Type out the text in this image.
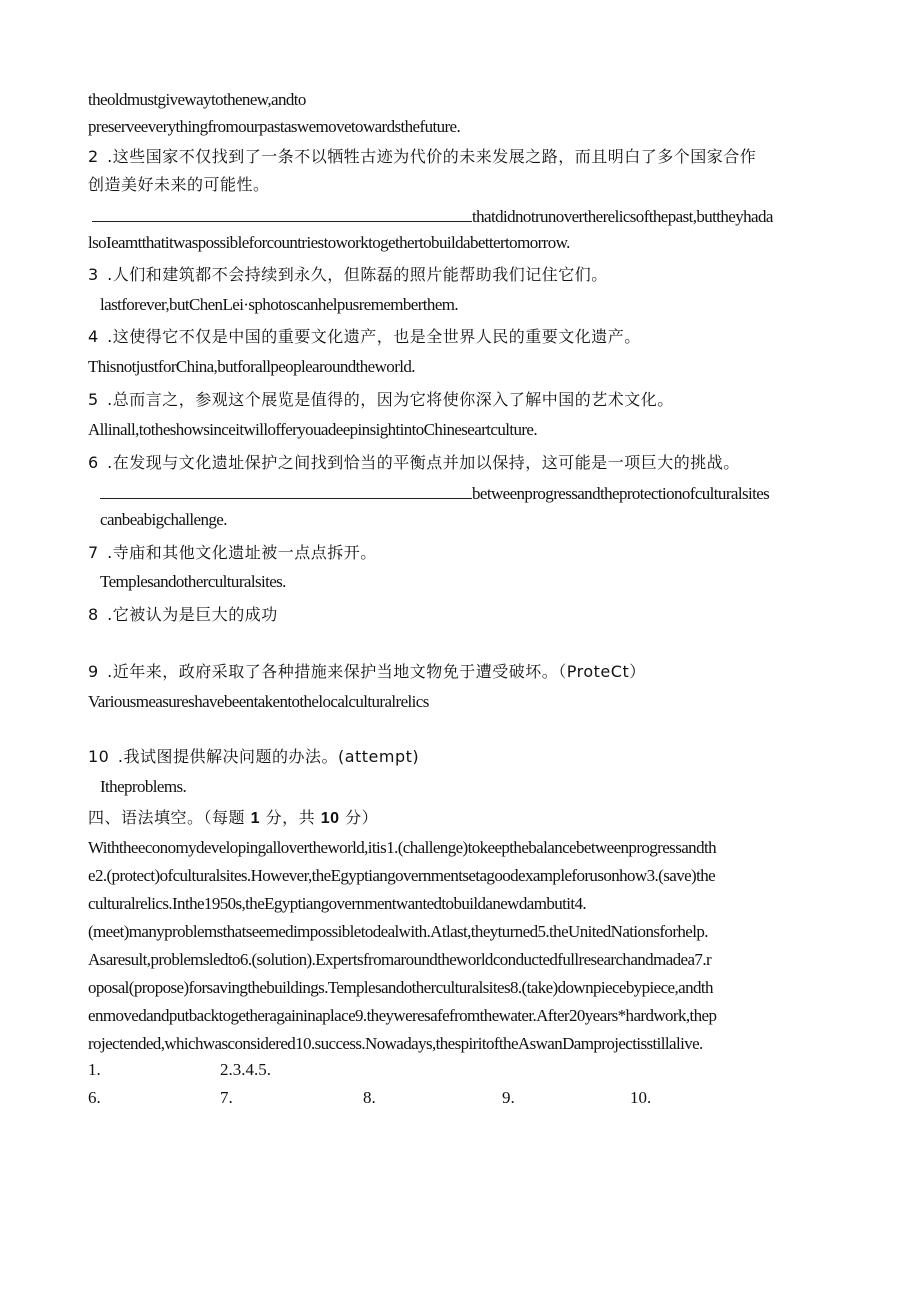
theoldmustgivewaytothenew,andto
preserveeverythingfromourpastaswemovetowardsthefuture.
2 .这些国家不仅找到了一条不以牺牲古迹为代价的未来发展之路，而且明白了多个国家合作
创造美好未来的可能性。
thatdidnotrunovertherelicsofthepast,buttheyhada
lsoIeamtthatitwaspossibleforcountriestoworktogethertobuildabettertomorrow.
3 .人们和建筑都不会持续到永久，但陈磊的照片能帮助我们记住它们。
lastforever,butChenLei·sphotoscanhelpusrememberthem.
4 .这使得它不仅是中国的重要文化遗产，也是全世界人民的重要文化遗产。
Thisnotjustfor​China,butforallpeoplearoundtheworld.
5 .总而言之，参观这个展览是值得的，因为它将使你深入了解中国的艺术文化。
Allinall,totheshowsinceitwillofferyouadeepinsightintoChineseartculture.
6 .在发现与文化遗址保护之间找到恰当的平衡点并加以保持，这可能是一项巨大的挑战。
betweenprogressandtheprotectionofculturalsites
canbeabigchallenge.
7 .寺庙和其他文化遗址被一点点拆开。
Templesandotherculturalsites.
8 .它被认为是巨大的成功
9 .近年来，政府采取了各种措施来保护当地文物免于遭受破坏。（ProteCt）
Variousmeasureshavebeentakentothelocalculturalrelics
10 .我试图提供解决问题的办法。(attempt)
Itheproblems.
四、语法填空。（每题 1 分，共 10 分）
Withtheeconomydevelopingallovertheworld,itis1.(challenge)tokeepthebalancebetweenprogressandth
e2.(protect)ofculturalsites.However,theEgyptiangovernmentsetagoodexampleforusonhow3.(save)the
culturalrelics.Inthe1950s,theEgyptiangovernmentwantedtobuildanewdambutit4.
(meet)manyproblemsthatseemedimpossibletodealwith.Atlast,theyturned5.theUnitedNationsforhelp.
Asaresult,problemsledto6.(solution).Expertsfromaroundtheworldconductedfullresearchandmadea7.r
oposal(propose)forsavingthebuildings.Templesandotherculturalsites8.(take)downpiecebypiece,andth
enmovedandputbacktogetheragaininaplace9.theyweresafefromthewater.After20years*hardwork,thep
rojectended,whichwasconsidered10.success.Nowadays,thespiritoftheAswanDamprojectisstillalive.
1.	2.3.4.5.
6.	7.	8.	9.	10.
